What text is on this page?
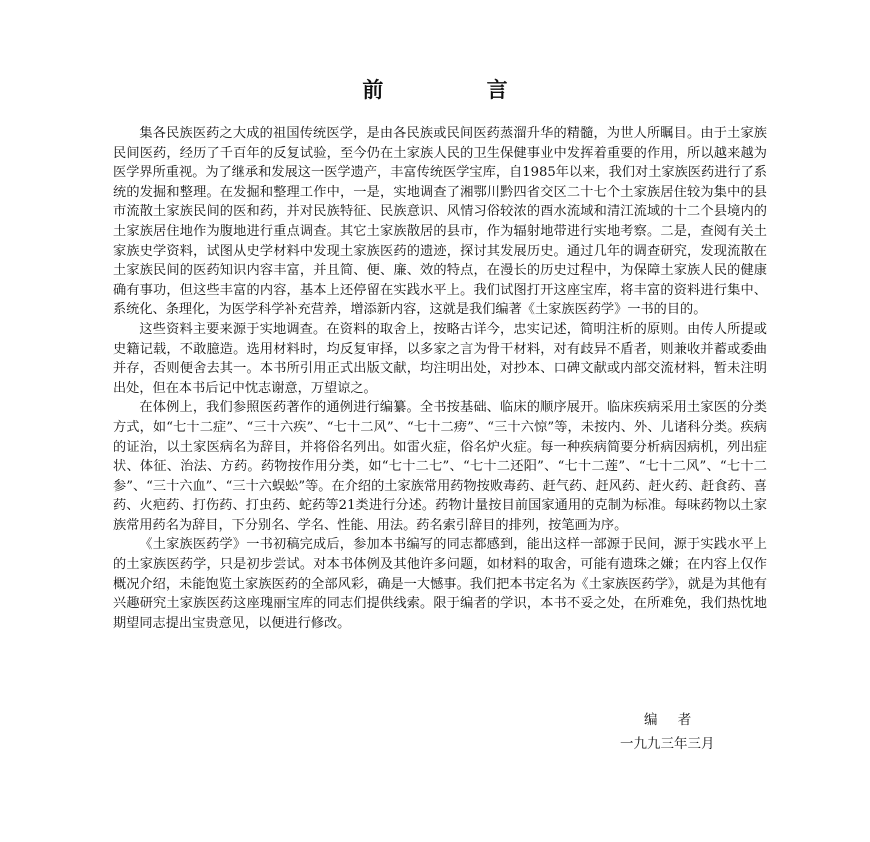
前 言

集各民族医药之大成的祖国传统医学，是由各民族或民间医药蒸溜升华的精髓，为世人所瞩目。由于土家族民间医药，经历了千百年的反复试验，至今仍在土家族人民的卫生保健事业中发挥着重要的作用，所以越来越为医学界所重视。为了继承和发展这一医学遗产，丰富传统医学宝库，自1985年以来，我们对土家族医药进行了系统的发掘和整理。在发掘和整理工作中，一是，实地调查了湘鄂川黔四省交区二十七个土家族居住较为集中的县市流散土家族民间的医和药，并对民族特征、民族意识、风情习俗较浓的酉水流域和清江流域的十二个县境内的土家族居住地作为腹地进行重点调查。其它土家族散居的县市，作为辐射地带进行实地考察。二是，查阅有关土家族史学资料，试图从史学材料中发现土家族医药的遗迹，探讨其发展历史。通过几年的调查研究，发现流散在土家族民间的医药知识内容丰富，并且简、便、廉、效的特点，在漫长的历史过程中，为保障土家族人民的健康确有事功，但这些丰富的内容，基本上还停留在实践水平上。我们试图打开这座宝库，将丰富的资料进行集中、系统化、条理化，为医学科学补充营养，增添新内容，这就是我们编著《土家族医药学》一书的目的。

这些资料主要来源于实地调查。在资料的取舍上，按略古详今，忠实记述，简明注析的原则。由传人所提或史籍记载，不敢臆造。选用材料时，均反复审择，以多家之言为骨干材料，对有歧异不盾者，则兼收并蓄或委曲并存，否则便舍去其一。本书所引用正式出版文献，均注明出处，对抄本、口碑文献或内部交流材料，暂未注明出处，但在本书后记中忱志谢意，万望谅之。

在体例上，我们参照医药著作的通例进行编纂。全书按基础、临床的顺序展开。临床疾病采用土家医的分类方式，如“七十二症”、“三十六疾”、“七十二风”、“七十二痨”、“三十六惊”等，未按内、外、儿诸科分类。疾病的证治，以土家医病名为辞目，并将俗名列出。如雷火症，俗名炉火症。每一种疾病简要分析病因病机，列出症状、体征、治法、方药。药物按作用分类，如“七十二七”、“七十二还阳”、“七十二莲”、“七十二风”、“七十二参”、“三十六血”、“三十六蜈蚣”等。在介绍的土家族常用药物按败毒药、赶气药、赶风药、赶火药、赶食药、喜药、火疤药、打伤药、打虫药、蛇药等21类进行分述。药物计量按目前国家通用的克制为标准。每味药物以土家族常用药名为辞目，下分别名、学名、性能、用法。药名索引辞目的排列，按笔画为序。

《土家族医药学》一书初稿完成后，参加本书编写的同志都感到，能出这样一部源于民间，源于实践水平上的土家族医药学，只是初步尝试。对本书体例及其他许多问题，如材料的取舍，可能有遗珠之嫌；在内容上仅作概况介绍，未能饱览土家族医药的全部风彩，确是一大憾事。我们把本书定名为《土家族医药学》，就是为其他有兴趣研究土家族医药这座瑰丽宝库的同志们提供线索。限于编者的学识，本书不妥之处，在所难免，我们热忱地期望同志提出宝贵意见，以便进行修改。

编 者
一九九三年三月
